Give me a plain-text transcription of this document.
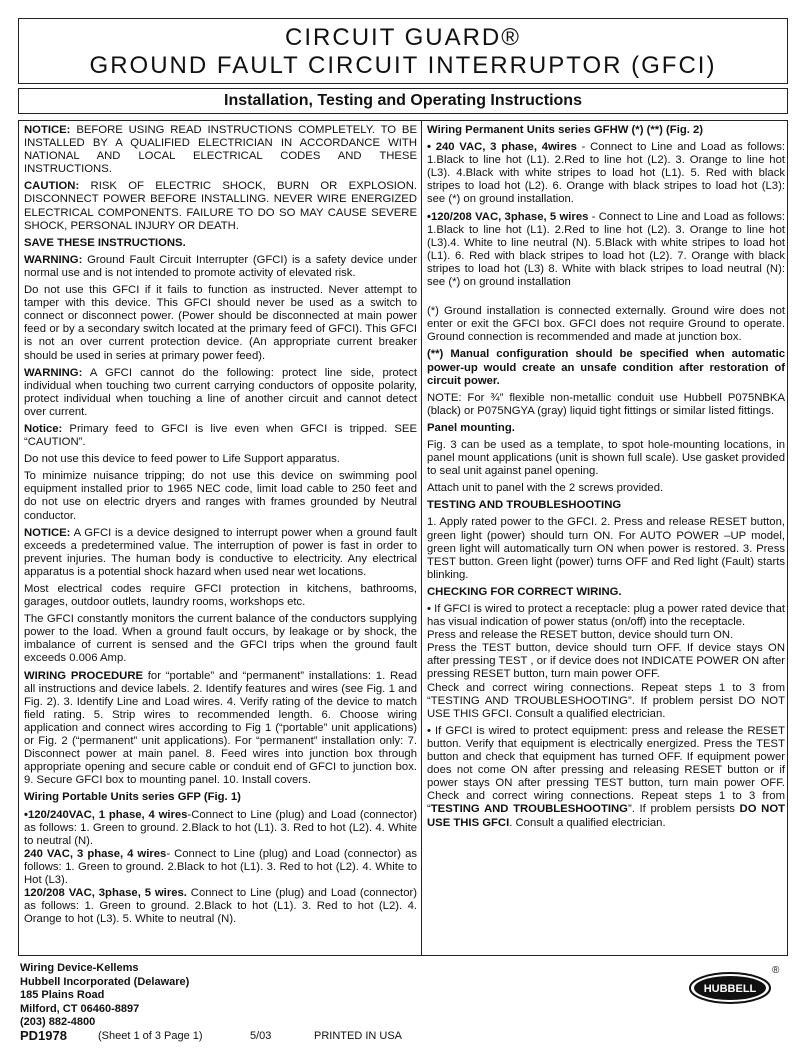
CIRCUIT GUARD®
GROUND FAULT CIRCUIT INTERRUPTOR (GFCI)
Installation, Testing and Operating Instructions

NOTICE: BEFORE USING READ INSTRUCTIONS COMPLETELY. TO BE INSTALLED BY A QUALIFIED ELECTRICIAN IN ACCORDANCE WITH NATIONAL AND LOCAL ELECTRICAL CODES AND THESE INSTRUCTIONS.

CAUTION: RISK OF ELECTRIC SHOCK, BURN OR EXPLOSION. DISCONNECT POWER BEFORE INSTALLING. NEVER WIRE ENERGIZED ELECTRICAL COMPONENTS. FAILURE TO DO SO MAY CAUSE SEVERE SHOCK, PERSONAL INJURY OR DEATH.

SAVE THESE INSTRUCTIONS.

WARNING: Ground Fault Circuit Interrupter (GFCI) is a safety device under normal use and is not intended to promote activity of elevated risk.

Do not use this GFCI if it fails to function as instructed. Never attempt to tamper with this device. This GFCI should never be used as a switch to connect or disconnect power. (Power should be disconnected at main power feed or by a secondary switch located at the primary feed of GFCI). This GFCI is not an over current protection device. (An appropriate current breaker should be used in series at primary power feed).

WARNING: A GFCI cannot do the following: protect line side, protect individual when touching two current carrying conductors of opposite polarity, protect individual when touching a line of another circuit and cannot detect over current.

Notice: Primary feed to GFCI is live even when GFCI is tripped. SEE “CAUTION”.

Do not use this device to feed power to Life Support apparatus.

To minimize nuisance tripping; do not use this device on swimming pool equipment installed prior to 1965 NEC code, limit load cable to 250 feet and do not use on electric dryers and ranges with frames grounded by Neutral conductor.

NOTICE: A GFCI is a device designed to interrupt power when a ground fault exceeds a predetermined value. The interruption of power is fast in order to prevent injuries. The human body is conductive to electricity. Any electrical apparatus is a potential shock hazard when used near wet locations.

Most electrical codes require GFCI protection in kitchens, bathrooms, garages, outdoor outlets, laundry rooms, workshops etc.

The GFCI constantly monitors the current balance of the conductors supplying power to the load. When a ground fault occurs, by leakage or by shock, the imbalance of current is sensed and the GFCI trips when the ground fault exceeds 0.006 Amp.

WIRING PROCEDURE for “portable” and “permanent” installations: 1. Read all instructions and device labels. 2. Identify features and wires (see Fig. 1 and Fig. 2). 3. Identify Line and Load wires. 4. Verify rating of the device to match field rating. 5. Strip wires to recommended length. 6. Choose wiring application and connect wires according to Fig 1 (“portable” unit applications) or Fig. 2 (“permanent” unit applications). For “permanent” installation only: 7. Disconnect power at main panel. 8. Feed wires into junction box through appropriate opening and secure cable or conduit end of GFCI to junction box. 9. Secure GFCI box to mounting panel. 10. Install covers.

Wiring Portable Units series GFP (Fig. 1)

•120/240VAC, 1 phase, 4 wires-Connect to Line (plug) and Load (connector) as follows: 1. Green to ground. 2.Black to hot (L1). 3. Red to hot (L2). 4. White to neutral (N).

240 VAC, 3 phase, 4 wires- Connect to Line (plug) and Load (connector) as follows: 1. Green to ground. 2.Black to hot (L1). 3. Red to hot (L2). 4. White to Hot (L3).

120/208 VAC, 3phase, 5 wires. Connect to Line (plug) and Load (connector) as follows: 1. Green to ground. 2.Black to hot (L1). 3. Red to hot (L2). 4. Orange to hot (L3). 5. White to neutral (N).

Wiring Permanent Units series GFHW (*) (**) (Fig. 2)

• 240 VAC, 3 phase, 4wires - Connect to Line and Load as follows: 1.Black to line hot (L1). 2.Red to line hot (L2). 3. Orange to line hot (L3). 4.Black with white stripes to load hot (L1). 5. Red with black stripes to load hot (L2). 6. Orange with black stripes to load hot (L3): see (*) on ground installation.

•120/208 VAC, 3phase, 5 wires - Connect to Line and Load as follows: 1.Black to line hot (L1). 2.Red to line hot (L2). 3. Orange to line hot (L3).4. White to line neutral (N). 5.Black with white stripes to load hot (L1). 6. Red with black stripes to load hot (L2). 7. Orange with black stripes to load hot (L3) 8. White with black stripes to load neutral (N): see (*) on ground installation

(*) Ground installation is connected externally. Ground wire does not enter or exit the GFCI box. GFCI does not require Ground to operate. Ground connection is recommended and made at junction box.

(**) Manual configuration should be specified when automatic power-up would create an unsafe condition after restoration of circuit power.

NOTE: For ¾” flexible non-metallic conduit use Hubbell P075NBKA (black) or P075NGYA (gray) liquid tight fittings or similar listed fittings.

Panel mounting.

Fig. 3 can be used as a template, to spot hole-mounting locations, in panel mount applications (unit is shown full scale). Use gasket provided to seal unit against panel opening.

Attach unit to panel with the 2 screws provided.

TESTING AND TROUBLESHOOTING

1. Apply rated power to the GFCI. 2. Press and release RESET button, green light (power) should turn ON. For AUTO POWER –UP model, green light will automatically turn ON when power is restored. 3. Press TEST button. Green light (power) turns OFF and Red light (Fault) starts blinking.

CHECKING FOR CORRECT WIRING.

• If GFCI is wired to protect a receptacle: plug a power rated device that has visual indication of power status (on/off) into the receptacle.

Press and release the RESET button, device should turn ON.

Press the TEST button, device should turn OFF. If device stays ON after pressing TEST , or if device does not INDICATE POWER ON after pressing RESET button, turn main power OFF.

Check and correct wiring connections. Repeat steps 1 to 3 from “TESTING AND TROUBLESHOOTING”. If problem persist DO NOT USE THIS GFCI. Consult a qualified electrician.

• If GFCI is wired to protect equipment: press and release the RESET button. Verify that equipment is electrically energized. Press the TEST button and check that equipment has turned OFF. If equipment power does not come ON after pressing and releasing RESET button or if power stays ON after pressing TEST button, turn main power OFF. Check and correct wiring connections. Repeat steps 1 to 3 from “TESTING AND TROUBLESHOOTING”. If problem persists DO NOT USE THIS GFCI. Consult a qualified electrician.

Wiring Device-Kellems
Hubbell Incorporated (Delaware)
185 Plains Road
Milford, CT 06460-8897
(203) 882-4800
HUBBELL
®
PD1978	(Sheet 1 of 3 Page 1)	5/03	PRINTED IN USA
